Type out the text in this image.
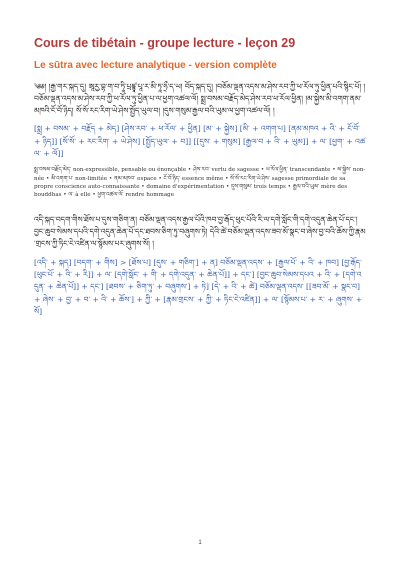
Cours de tibétain - groupe lecture - leçon 29
Le sūtra avec lecture analytique - version complète

༄༅། །རྒྱ་གར་སྐད་དུ། ཨཱརྱ་བྷ་ག་བ་ཏཱི་པྲཛྙཱ་པཱ་ར་མི་ཏཱ་ཧྲྀ་ད་ཡ། བོད་སྐད་དུ། །བཅོམ་ལྡན་འདས་མ་ཤེས་རབ་ཀྱི་ཕ་རོལ་ཏུ་ཕྱིན་པའི་སྙིང་པོ། །བཅོམ་ལྡན་འདས་མ་ཤེས་རབ་ཀྱི་ཕ་རོལ་ཏུ་ཕྱིན་པ་ལ་ཕྱག་འཚལ་ལོ། སྨྲ་བསམ་བརྗོད་མེད་ཤེས་རབ་ཕ་རོལ་ཕྱིན། །མ་སྐྱེས་མི་འགག་ནམ་མཁའི་ངོ་བོ་ཉིད། སོ་སོ་རང་རིག་ཡེ་ཤེས་སྤྱོད་ཡུལ་བ། །དུས་གསུམ་རྒྱལ་བའི་ཡུམ་ལ་ཕྱག་འཚལ་ལོ། །

[སྨྲ + བསམ་ + བརྗོད + མེད] [ཤེས་རབ་ + ཕ་རོལ་ + ཕྱིན] [མ་ + སྐྱེས] [མི་ + འགག་པ] [ནམ་མཁའ + འི་ + ངོ་བོ་ + ཉིད]] [སོ་སོ་ + རང་རིག་ + ཡེ་ཤེས] [སྤྱོད་ཡུལ་ + བ]] [[དུས་ + གསུམ] [རྒྱལ་བ + འི་ + ཡུམ]] + ལ་ [ཕྱག་ + འཚལ་ + ལོ]]

སྨྲ་བསམ་བརྗོད་མེད་ non-expressible, pensable ou énonçable • ཤེས་རབ་ vertu de sagesse • ཕ་རོལ་ཕྱིན་ transcendante • མ་སྐྱེས་ non-née • མི་འགག་པ་ non-limitée • ནམ་མཁའ་ espace • ངོ་བོ་ཉིད་ essence même • སོ་སོ་རང་རིག་ཡེ་ཤེས་ sagesse primordiale de sa propre conscience auto-connaissante • domaine d'expérimentation • དུས་གསུམ་ trois temps • རྒྱལ་བའི་ཡུམ་ mère des bouddhas • ལ་ à elle • ཕྱག་འཚལ་ལོ་ rendre hommage

འདི་སྐད་བདག་གིས་ཐོས་པ་དུས་གཅིག་ན། བཅོམ་ལྡན་འདས་རྒྱལ་པོའི་ཁབ་བྱ་རྒོད་ཕུང་པོའི་རི་ལ་དགེ་སློང་གི་དགེ་འདུན་ཆེན་པོ་དང་། བྱང་ཆུབ་སེམས་དཔའི་དགེ་འདུན་ཆེན་པོ་དང་ཐབས་ཅིག་ཏུ་བཞུགས་ཏེ། དེའི་ཚེ་བཅོམ་ལྡན་འདས་ཟབ་མོ་སྣང་བ་ཞེས་བྱ་བའི་ཆོས་ཀྱི་རྣམ་གྲངས་ཀྱི་ཏིང་ངེ་འཛིན་ལ་སྙོམས་པར་ཞུགས་སོ། །

[འདི་ + སྐད] [བདག་ + གིས] > [ཐོས་པ] [དུས་ + གཅིག་] + ན] བཅོམ་ལྡན་འདས་ + [རྒྱལ་པོ་ + འི་ + ཁབ] [བྱ་རྒོད་ [ཕུང་པོ་ + འི་ + རི]] + ལ་ [དགེ་སློང་ + གི་ + དགེ་འདུན་ + ཆེན་པོ]] + དང་] [བྱང་ཆུབ་སེམས་དཔའ + འི་ + [དགེ་འདུན་ + ཆེན་པོ]] + དང་] [ཐབས་ + ཅིག་ཏུ་ + བཞུགས་] + ཏེ] [དེ་ + འི་ + ཚེ] བཅོམ་ལྡན་འདས་ [[ཟབ་མོ་ + སྣང་བ] + ཞེས་ + བྱ་ + བ་ + འི་ + ཆོས་] + ཀྱི་ + [རྣམ་གྲངས་ + ཀྱི་ + ཏིང་ངེ་འཛིན]] + ལ་ [སྙོམས་པ་ + ར་ + ཞུགས་ + སོ]

1
